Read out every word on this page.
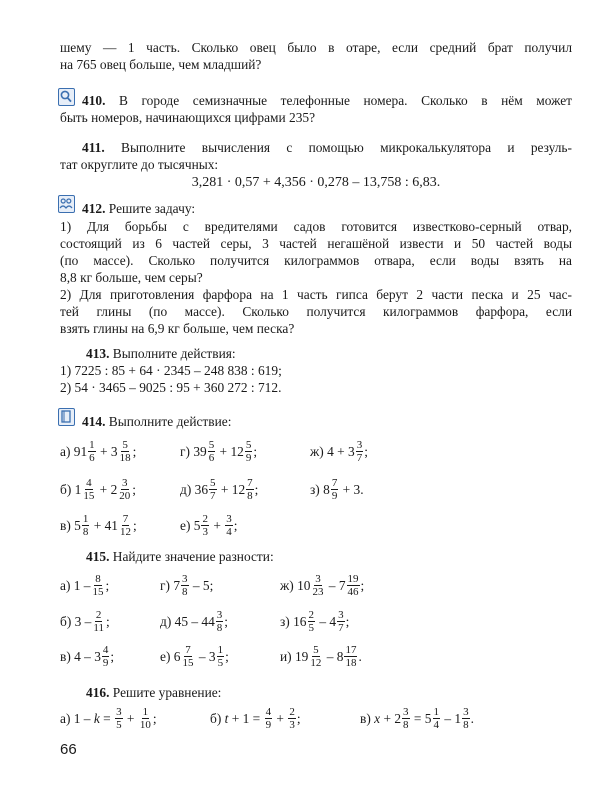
шему — 1 часть. Сколько овец было в отаре, если средний брат получил
на 765 овец больше, чем младший?
410. В городе семизначные телефонные номера. Сколько в нём может
быть номеров, начинающихся цифрами 235?
411. Выполните вычисления с помощью микрокалькулятора и резуль-
тат округлите до тысячных:
3,281 · 0,57 + 4,356 · 0,278 – 13,758 : 6,83.
412. Решите задачу:
1) Для борьбы с вредителями садов готовится известково-серный отвар,
состоящий из 6 частей серы, 3 частей негашёной извести и 50 частей воды
(по массе). Сколько получится килограммов отвара, если воды взять на
8,8 кг больше, чем серы?
2) Для приготовления фарфора на 1 часть гипса берут 2 части песка и 25 час-
тей глины (по массе). Сколько получится килограммов фарфора, если
взять глины на 6,9 кг больше, чем песка?
413. Выполните действия:
1) 7225 : 85 + 64 · 2345 – 248 838 : 619;
2) 54 · 3465 – 9025 : 95 + 360 272 : 712.
414. Выполните действие:
а) $91 \frac{1}{6} + 3 \frac{5}{18}$ ;	г) $39 \frac{5}{6} + 12 \frac{5}{9}$ ;	ж) $4 + 3 \frac{3}{7}$ ;
б) $1 \frac{4}{15} + 2 \frac{3}{20}$ ;	д) $36 \frac{5}{7} + 12 \frac{7}{8}$ ;	з) $8 \frac{7}{9} + 3$.
в) $5 \frac{1}{8} + 41 \frac{7}{12}$ ;	е) $5 \frac{2}{3} + \frac{3}{4}$ ;
415. Найдите значение разности:
а) $1 - \frac{8}{15}$ ;	г) $7 \frac{3}{8} - 5$;	ж) $10 \frac{3}{23} - 7 \frac{19}{46}$ ;
б) $3 - \frac{2}{11}$ ;	д) $45 - 44 \frac{3}{8}$ ;	з) $16 \frac{2}{5} - 4 \frac{3}{7}$ ;
в) $4 - 3 \frac{4}{9}$ ;	е) $6 \frac{7}{15} - 3 \frac{1}{5}$ ;	и) $19 \frac{5}{12} - 8 \frac{17}{18}$ .
416. Решите уравнение:
а) $1 - k = \frac{3}{5} + \frac{1}{10}$ ;	б) $t + 1 = \frac{4}{9} + \frac{2}{3}$ ;	в) $x + 2 \frac{3}{8} = 5 \frac{1}{4} - 1 \frac{3}{8}$ .
66
